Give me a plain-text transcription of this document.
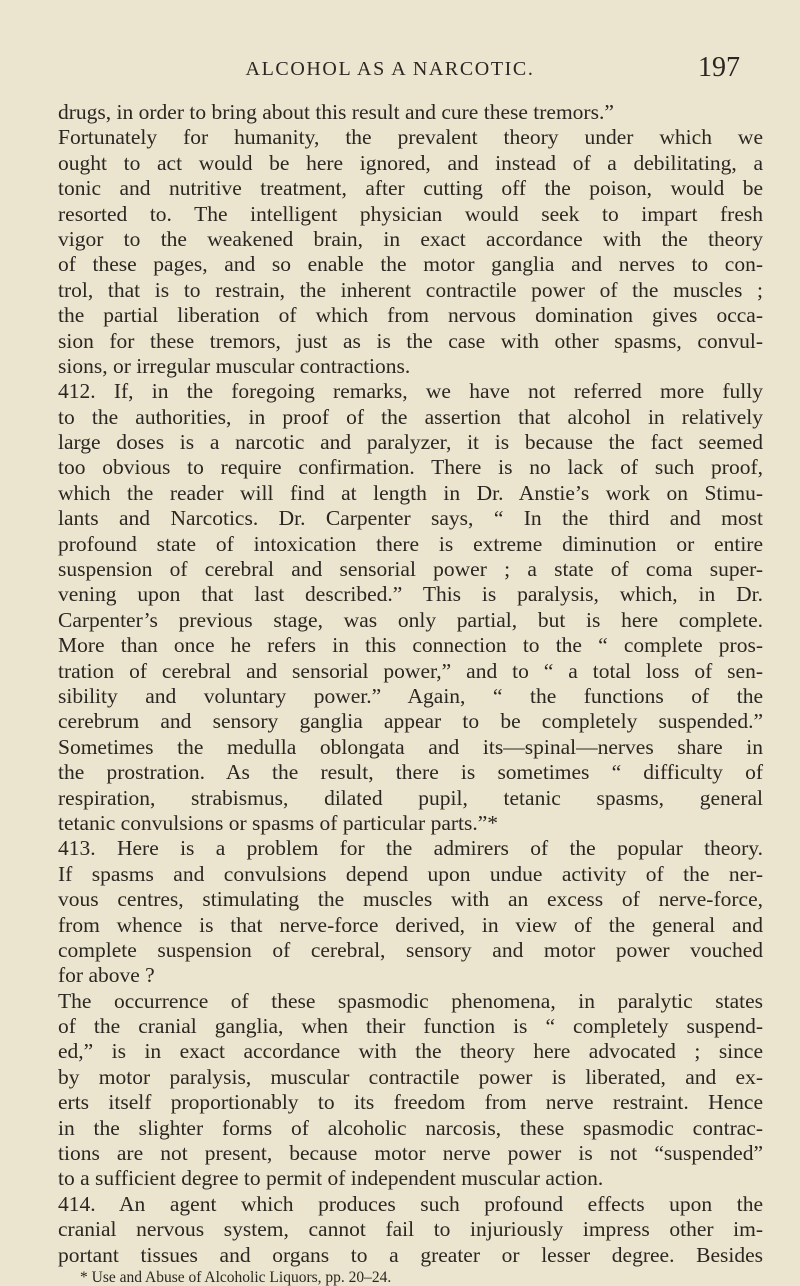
ALCOHOL AS A NARCOTIC.	197
drugs, in order to bring about this result and cure these tremors.”
Fortunately for humanity, the prevalent theory under which we
ought to act would be here ignored, and instead of a debilitating, a
tonic and nutritive treatment, after cutting off the poison, would be
resorted to. The intelligent physician would seek to impart fresh
vigor to the weakened brain, in exact accordance with the theory
of these pages, and so enable the motor ganglia and nerves to con-
trol, that is to restrain, the inherent contractile power of the muscles ;
the partial liberation of which from nervous domination gives occa-
sion for these tremors, just as is the case with other spasms, convul-
sions, or irregular muscular contractions.
412. If, in the foregoing remarks, we have not referred more fully
to the authorities, in proof of the assertion that alcohol in relatively
large doses is a narcotic and paralyzer, it is because the fact seemed
too obvious to require confirmation. There is no lack of such proof,
which the reader will find at length in Dr. Anstie’s work on Stimu-
lants and Narcotics. Dr. Carpenter says, “ In the third and most
profound state of intoxication there is extreme diminution or entire
suspension of cerebral and sensorial power ; a state of coma super-
vening upon that last described.” This is paralysis, which, in Dr.
Carpenter’s previous stage, was only partial, but is here complete.
More than once he refers in this connection to the “ complete pros-
tration of cerebral and sensorial power,” and to “ a total loss of sen-
sibility and voluntary power.” Again, “ the functions of the
cerebrum and sensory ganglia appear to be completely suspended.”
Sometimes the medulla oblongata and its—spinal—nerves share in
the prostration. As the result, there is sometimes “ difficulty of
respiration, strabismus, dilated pupil, tetanic spasms, general
tetanic convulsions or spasms of particular parts.”*
413. Here is a problem for the admirers of the popular theory.
If spasms and convulsions depend upon undue activity of the ner-
vous centres, stimulating the muscles with an excess of nerve-force,
from whence is that nerve-force derived, in view of the general and
complete suspension of cerebral, sensory and motor power vouched
for above ?
The occurrence of these spasmodic phenomena, in paralytic states
of the cranial ganglia, when their function is “ completely suspend-
ed,” is in exact accordance with the theory here advocated ; since
by motor paralysis, muscular contractile power is liberated, and ex-
erts itself proportionably to its freedom from nerve restraint. Hence
in the slighter forms of alcoholic narcosis, these spasmodic contrac-
tions are not present, because motor nerve power is not “suspended”
to a sufficient degree to permit of independent muscular action.
414. An agent which produces such profound effects upon the
cranial nervous system, cannot fail to injuriously impress other im-
portant tissues and organs to a greater or lesser degree. Besides
* Use and Abuse of Alcoholic Liquors, pp. 20–24.
